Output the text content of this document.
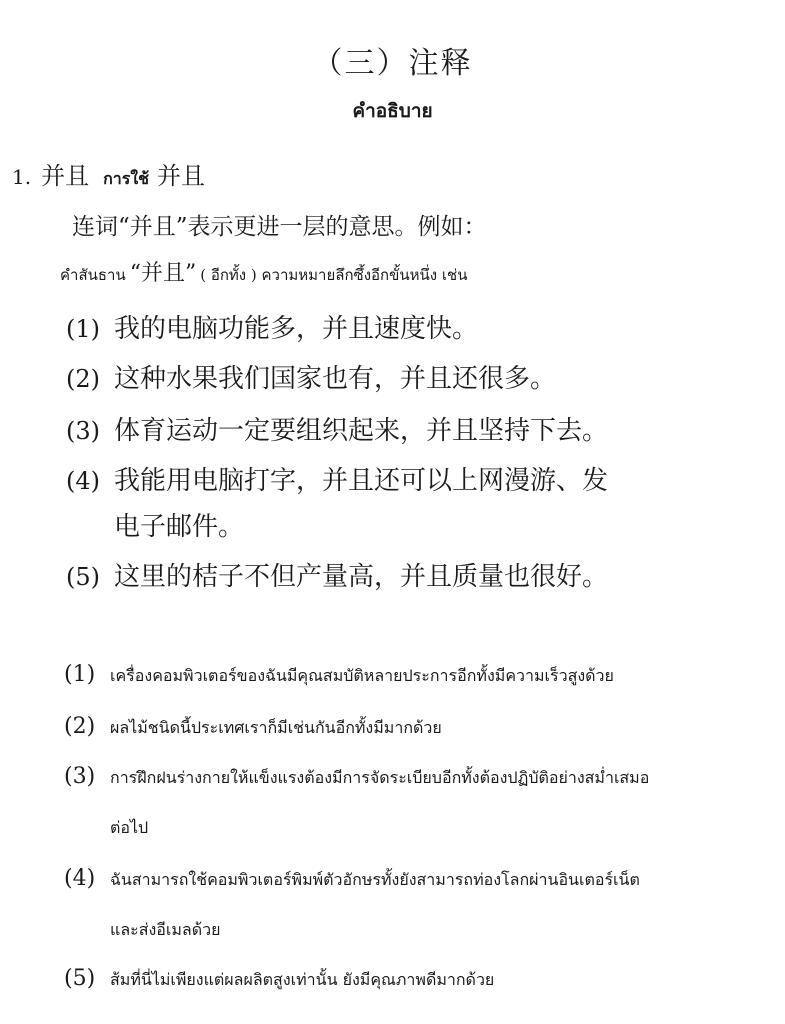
（三）注释
คำอธิบาย
1. 并且 การใช้ 并且
连词“并且”表示更进一层的意思。例如：
คำสันธาน “并且” ( อีกทั้ง ) ความหมายลึกซึ้งอีกขั้นหนึ่ง เช่น
(1) 我的电脑功能多，并且速度快。
(2) 这种水果我们国家也有，并且还很多。
(3) 体育运动一定要组织起来，并且坚持下去。
(4) 我能用电脑打字，并且还可以上网漫游、发
电子邮件。
(5) 这里的桔子不但产量高，并且质量也很好。
(1) เครื่องคอมพิวเตอร์ของฉันมีคุณสมบัติหลายประการอีกทั้งมีความเร็วสูงด้วย
(2) ผลไม้ชนิดนี้ประเทศเราก็มีเช่นกันอีกทั้งมีมากด้วย
(3) การฝึกฝนร่างกายให้แข็งแรงต้องมีการจัดระเบียบอีกทั้งต้องปฏิบัติอย่างสม่ำเสมอ
ต่อไป
(4) ฉันสามารถใช้คอมพิวเตอร์พิมพ์ตัวอักษรทั้งยังสามารถท่องโลกผ่านอินเตอร์เน็ต
และส่งอีเมลด้วย
(5) ส้มที่นี่ไม่เพียงแต่ผลผลิตสูงเท่านั้น ยังมีคุณภาพดีมากด้วย
